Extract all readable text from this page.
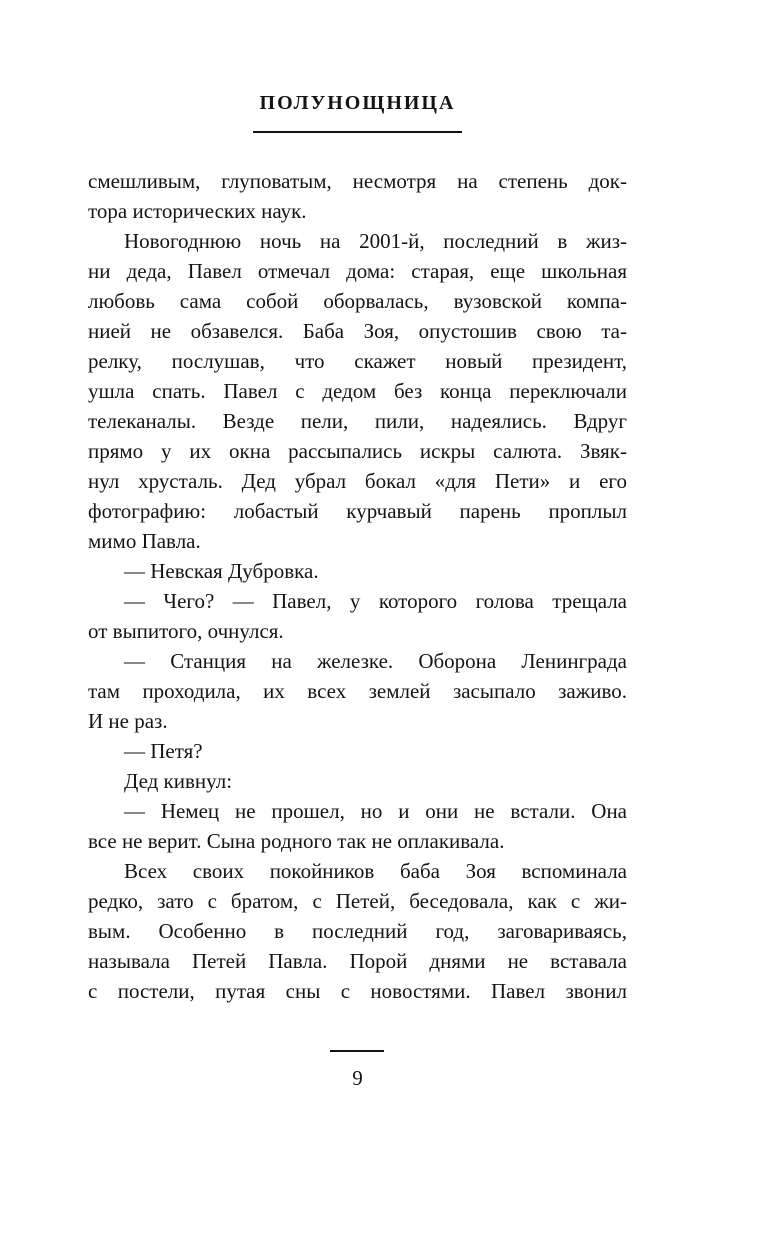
ПОЛУНОЩНИЦА
смешливым, глуповатым, несмотря на степень док-
тора исторических наук.
Новогоднюю ночь на 2001-й, последний в жиз-
ни деда, Павел отмечал дома: старая, еще школьная
любовь сама собой оборвалась, вузовской компа-
нией не обзавелся. Баба Зоя, опустошив свою та-
релку, послушав, что скажет новый президент,
ушла спать. Павел с дедом без конца переключали
телеканалы. Везде пели, пили, надеялись. Вдруг
прямо у их окна рассыпались искры салюта. Звяк-
нул хрусталь. Дед убрал бокал «для Пети» и его
фотографию: лобастый курчавый парень проплыл
мимо Павла.
— Невская Дубровка.
— Чего? — Павел, у которого голова трещала
от выпитого, очнулся.
— Станция на железке. Оборона Ленинграда
там проходила, их всех землей засыпало заживо.
И не раз.
— Петя?
Дед кивнул:
— Немец не прошел, но и они не встали. Она
все не верит. Сына родного так не оплакивала.
Всех своих покойников баба Зоя вспоминала
редко, зато с братом, с Петей, беседовала, как с жи-
вым. Особенно в последний год, заговариваясь,
называла Петей Павла. Порой днями не вставала
с постели, путая сны с новостями. Павел звонил
9
